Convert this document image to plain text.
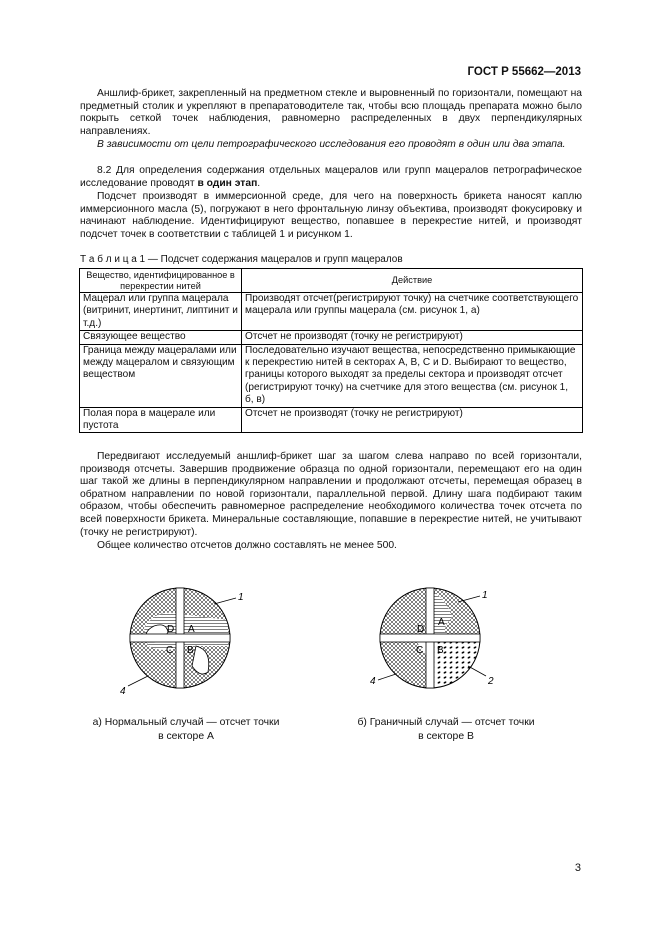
ГОСТ Р 55662—2013
Аншлиф-брикет, закрепленный на предметном стекле и выровненный по горизонтали, помещают на предметный столик и укрепляют в препаратоводителе так, чтобы всю площадь препарата можно было покрыть сеткой точек наблюдения, равномерно распределенных в двух перпендикулярных направлениях.
В зависимости от цели петрографического исследования его проводят в один или два этапа.
8.2 Для определения содержания отдельных мацералов или групп мацералов петрографическое исследование проводят в один этап.
Подсчет производят в иммерсионной среде, для чего на поверхность брикета наносят каплю иммерсионного масла (5), погружают в него фронтальную линзу объектива, производят фокусировку и начинают наблюдение. Идентифицируют вещество, попавшее в перекрестие нитей, и производят подсчет точек в соответствии с таблицей 1 и рисунком 1.
Т а б л и ц а 1 — Подсчет содержания мацералов и групп мацералов
Вещество, идентифицированное в перекрестии нитей	Действие
Мацерал или группа мацерала (витринит, инертинит, липтинит и т.д.)	Производят отсчет(регистрируют точку) на счетчике соответствующего мацерала или группы мацерала (см. рисунок 1, а)
Связующее вещество	Отсчет не производят (точку не регистрируют)
Граница между мацералами или между мацералом и связующим веществом	Последовательно изучают вещества, непосредственно примыкающие к перекрестию нитей в секторах A, B, C и D. Выбирают то вещество, границы которого выходят за пределы сектора и производят отсчет (регистрируют точку) на счетчике для этого вещества (см. рисунок 1, б, в)
Полая пора в мацерале или пустота	Отсчет не производят (точку не регистрируют)
Передвигают исследуемый аншлиф-брикет шаг за шагом слева направо по всей горизонтали, производя отсчеты. Завершив продвижение образца по одной горизонтали, перемещают его на один шаг такой же длины в перпендикулярном направлении и продолжают отсчеты, перемещая образец в обратном направлении по новой горизонтали, параллельной первой. Длину шага подбирают таким образом, чтобы обеспечить равномерное распределение необходимого количества точек отсчета по всей поверхности брикета. Минеральные составляющие, попавшие в перекрестие нитей, не учитывают (точку не регистрируют).
Общее количество отсчетов должно составлять не менее 500.
D A
C B
1
4
D
A
C B
1
2
4
а) Нормальный случай — отсчет точки
в секторе А
б) Граничный случай — отсчет точки
в секторе В
3
